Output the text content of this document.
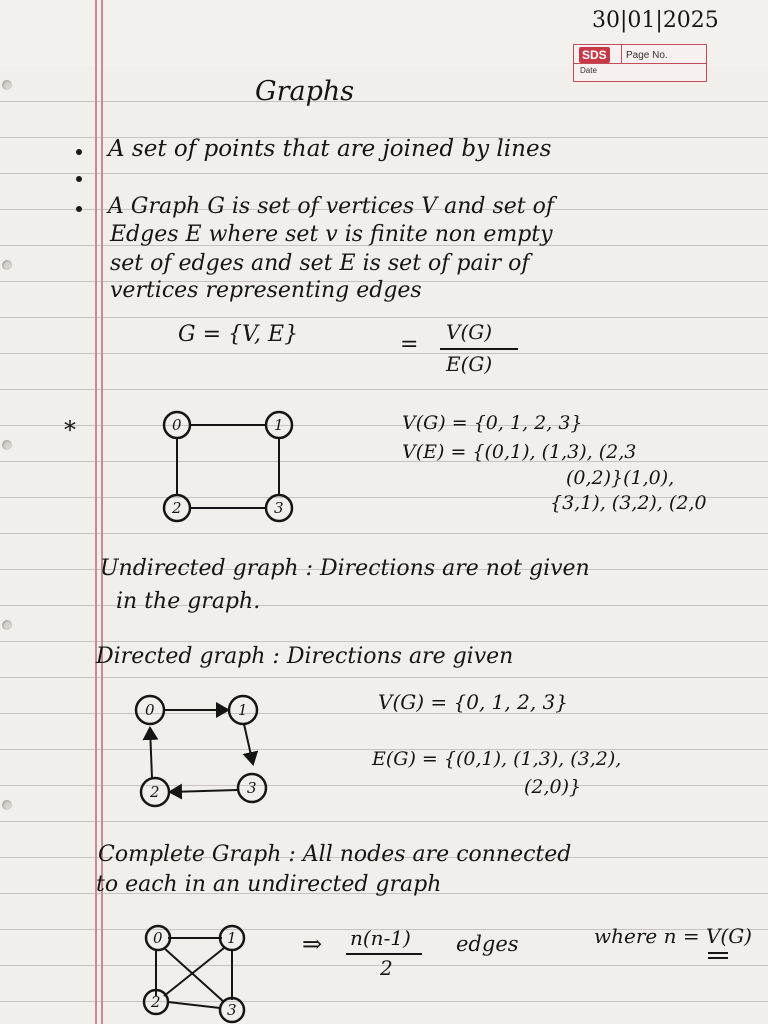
30|01|2025
SDS	Page No.
Date
Graphs
A set of points that are joined by lines
A Graph G is set of vertices V and set of
Edges E where set v is finite non empty
set of edges and set E is set of pair of
vertices representing edges
G = {V, E}	= V(G)
E(G)
*	0	1
2	3
V(G) = {0, 1, 2, 3}
V(E) = {(0,1), (1,3), (2,3
(0,2)}(1,0),
{3,1), (3,2), (2,0
Undirected graph : Directions are not given
in the graph.
Directed graph : Directions are given
0	1
2	3
V(G) = {0, 1, 2, 3}
E(G) = {(0,1), (1,3), (3,2),
(2,0)}
Complete Graph : All nodes are connected
to each in an undirected graph
0	1
2	3
⇒ n(n-1)
2
edges	where n = V(G)
